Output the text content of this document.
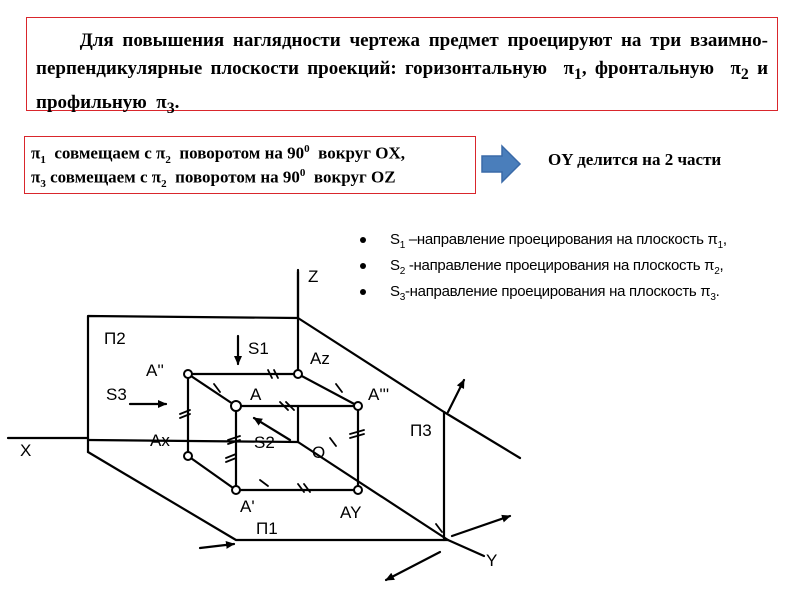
Для повышения наглядности чертежа предмет проецируют на три взаимно-перпендикулярные плоскости проекций: горизонтальную $\pi_1$, фронтальную $\pi_2$ и профильную $\pi_3$.
$\pi_1$ совмещаем с $\pi_2$ поворотом на $90^0$ вокруг OX,
$\pi_3$ совмещаем с $\pi_2$ поворотом на $90^0$ вокруг OZ
OY делится на 2 части
$S_1$ –направление проецирования на плоскость $\pi_1$,
$S_2$ -направление проецирования на плоскость $\pi_2$,
$S_3$-направление проецирования на плоскость $\pi_3$.
Z
X
Y
Π2
Π1
Π3
A''
A	A'''
A'
Az
Ax
AY
O
S1
S2
S3
